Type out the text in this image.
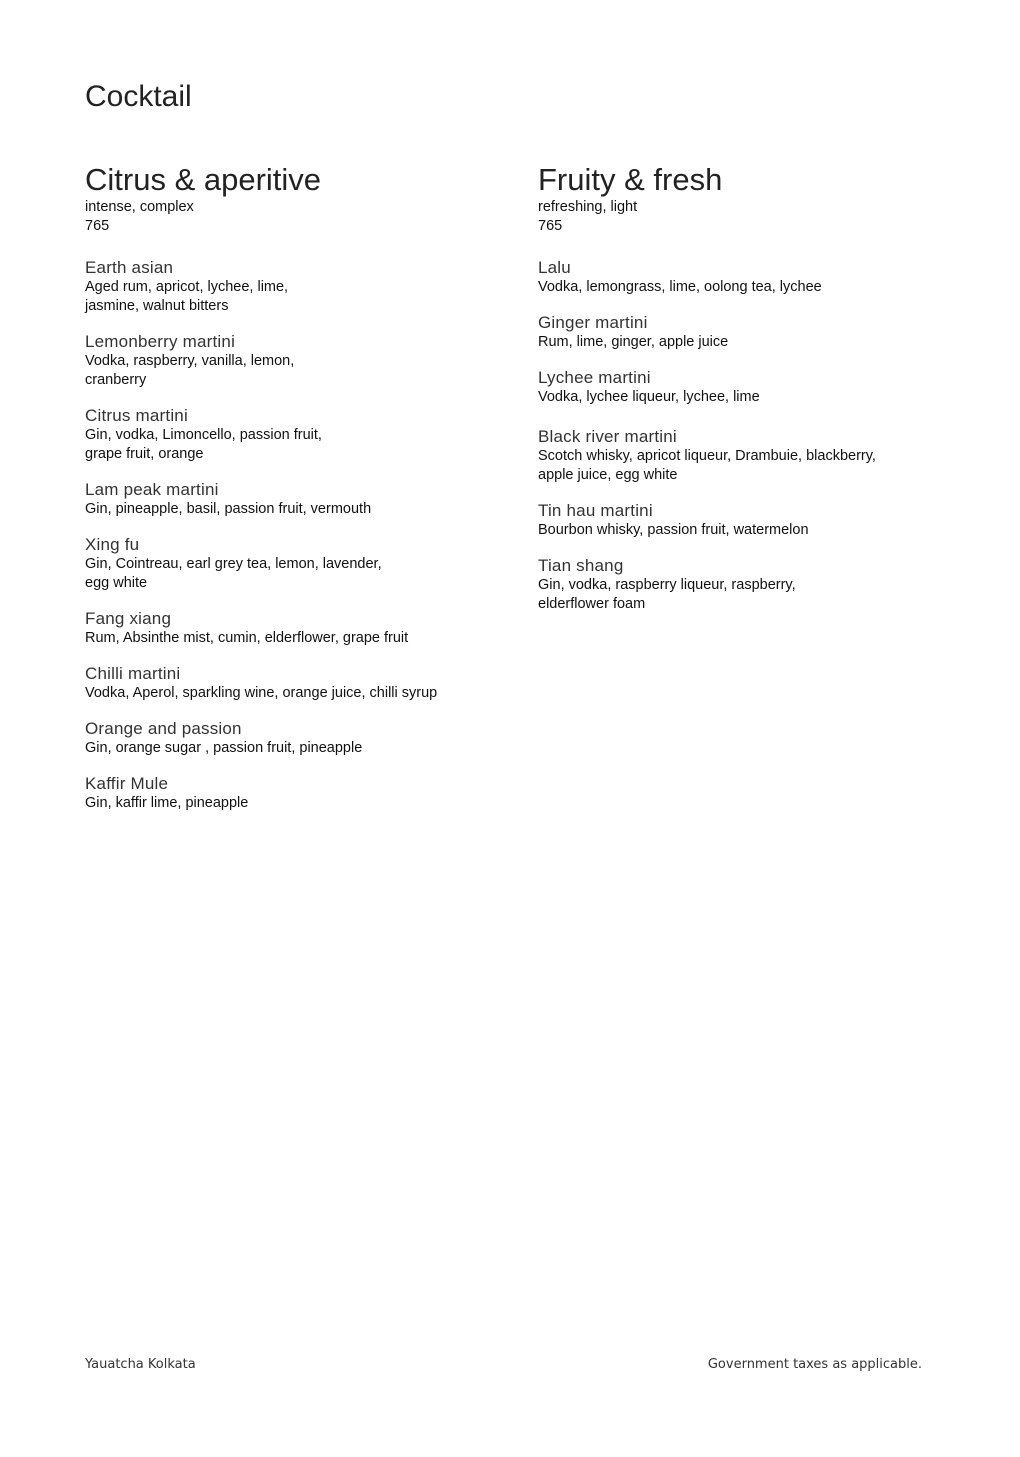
Cocktail
Citrus & aperitive
intense, complex
765
Earth asian
Aged rum, apricot, lychee, lime,
jasmine, walnut bitters
Lemonberry martini
Vodka, raspberry, vanilla, lemon,
cranberry
Citrus martini
Gin, vodka, Limoncello, passion fruit,
grape fruit, orange
Lam peak martini
Gin, pineapple, basil, passion fruit, vermouth
Xing fu
Gin, Cointreau, earl grey tea, lemon, lavender,
egg white
Fang xiang
Rum, Absinthe mist, cumin, elderflower, grape fruit
Chilli martini
Vodka, Aperol, sparkling wine, orange juice, chilli syrup
Orange and passion
Gin, orange sugar , passion fruit, pineapple
Kaffir Mule
Gin, kaffir lime, pineapple
Fruity & fresh
refreshing, light
765
Lalu
Vodka, lemongrass, lime, oolong tea, lychee
Ginger martini
Rum, lime, ginger, apple juice
Lychee martini
Vodka, lychee liqueur, lychee, lime
Black river martini
Scotch whisky, apricot liqueur, Drambuie, blackberry,
apple juice, egg white
Tin hau martini
Bourbon whisky, passion fruit, watermelon
Tian shang
Gin, vodka, raspberry liqueur, raspberry,
elderflower foam
Yauatcha Kolkata	Government taxes as applicable.
